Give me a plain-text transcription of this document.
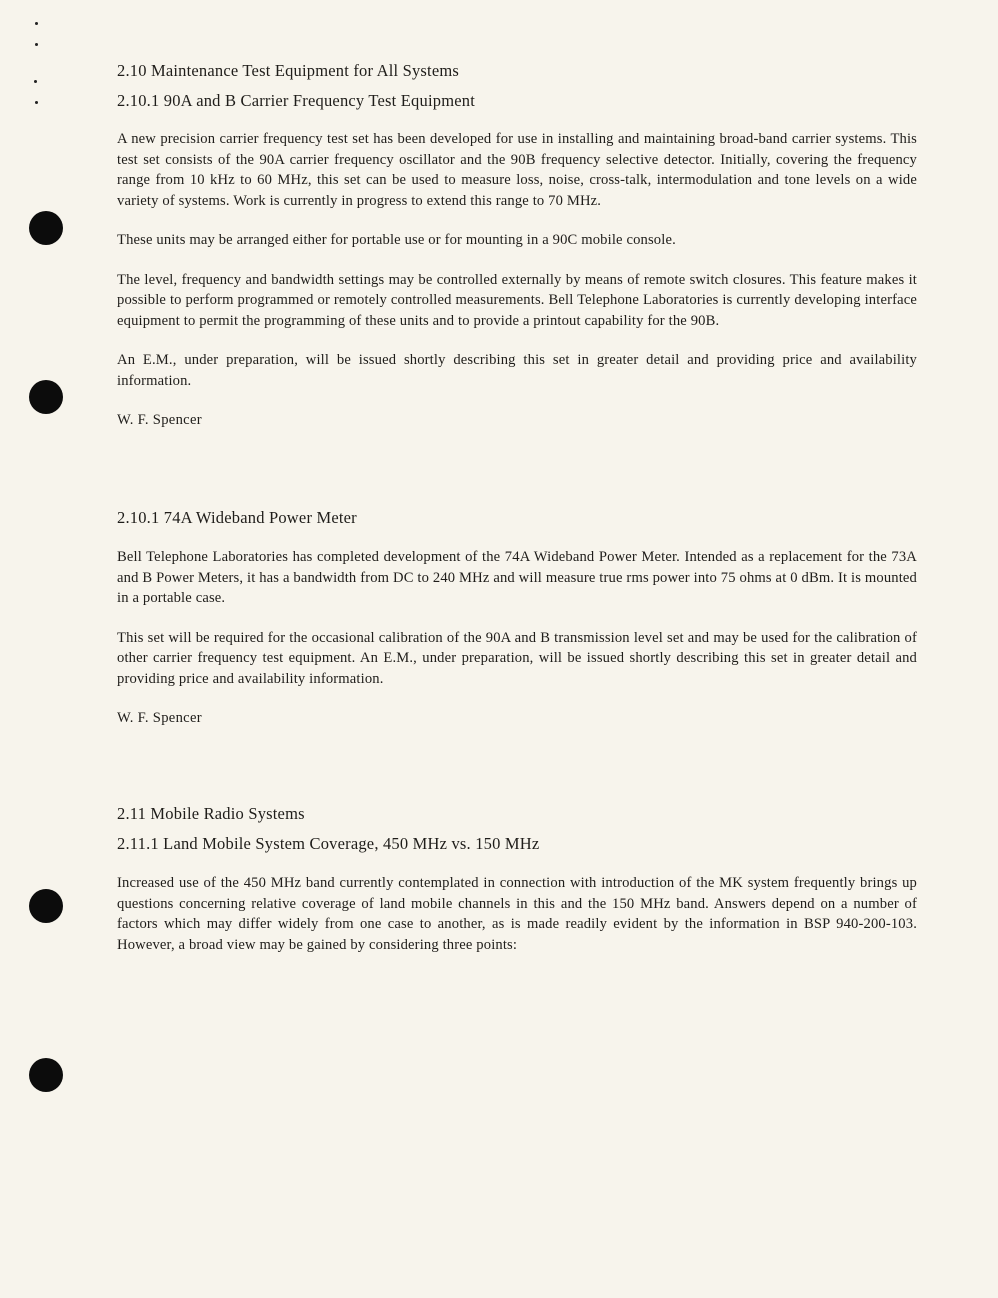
2.10 Maintenance Test Equipment for All Systems
2.10.1 90A and B Carrier Frequency Test Equipment

A new precision carrier frequency test set has been developed for use in installing and maintaining broad-band carrier systems. This test set consists of the 90A carrier frequency oscillator and the 90B frequency selective detector. Initially, covering the frequency range from 10 kHz to 60 MHz, this set can be used to measure loss, noise, cross-talk, intermodulation and tone levels on a wide variety of systems. Work is currently in progress to extend this range to 70 MHz.

These units may be arranged either for portable use or for mounting in a 90C mobile console.

The level, frequency and bandwidth settings may be controlled externally by means of remote switch closures. This feature makes it possible to perform programmed or remotely controlled measurements. Bell Telephone Laboratories is currently developing interface equipment to permit the programming of these units and to provide a printout capability for the 90B.

An E.M., under preparation, will be issued shortly describing this set in greater detail and providing price and availability information.

W. F. Spencer

2.10.1 74A Wideband Power Meter

Bell Telephone Laboratories has completed development of the 74A Wideband Power Meter. Intended as a replacement for the 73A and B Power Meters, it has a bandwidth from DC to 240 MHz and will measure true rms power into 75 ohms at 0 dBm. It is mounted in a portable case.

This set will be required for the occasional calibration of the 90A and B transmission level set and may be used for the calibration of other carrier frequency test equipment. An E.M., under preparation, will be issued shortly describing this set in greater detail and providing price and availability information.

W. F. Spencer

2.11 Mobile Radio Systems
2.11.1 Land Mobile System Coverage, 450 MHz vs. 150 MHz

Increased use of the 450 MHz band currently contemplated in connection with introduction of the MK system frequently brings up questions concerning relative coverage of land mobile channels in this and the 150 MHz band. Answers depend on a number of factors which may differ widely from one case to another, as is made readily evident by the information in BSP 940-200-103. However, a broad view may be gained by considering three points:
